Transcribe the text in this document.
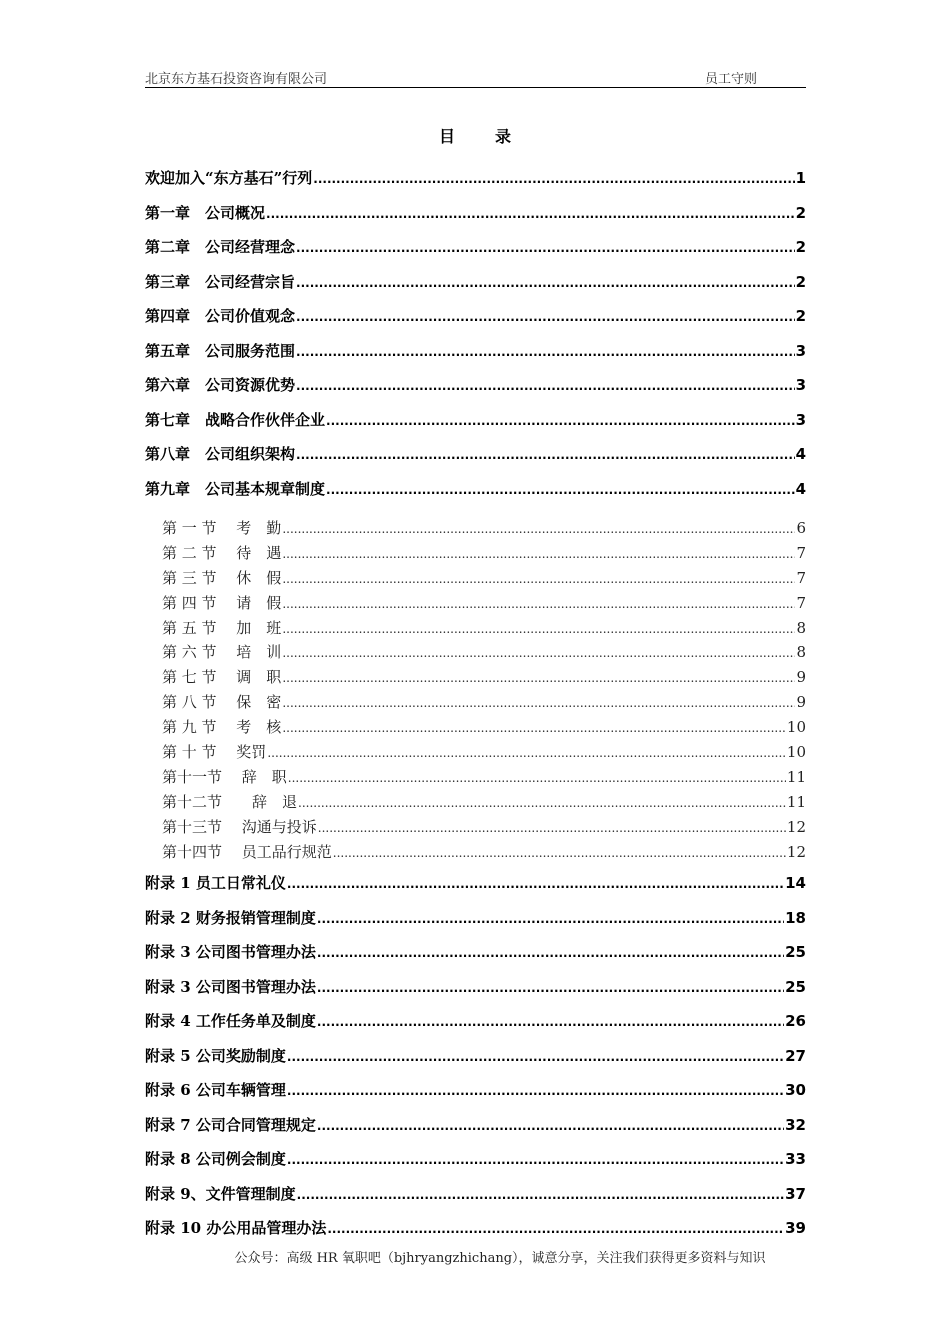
北京东方基石投资咨询有限公司	员工守则
目录
欢迎加入“东方基石”行列 .....	1
第一章　公司概况 .....	2
第二章　公司经营理念 .....	2
第三章　公司经营宗旨 .....	2
第四章　公司价值观念 .....	2
第五章　公司服务范围 .....	3
第六章　公司资源优势 .....	3
第七章　战略合作伙伴企业 .....	3
第八章　公司组织架构 .....	4
第九章　公司基本规章制度 .....	4
第 一 节　 考　勤 .....	6
第 二 节　 待　遇 .....	7
第 三 节　 休　假 .....	7
第 四 节　 请　假 .....	7
第 五 节　 加　班 .....	8
第 六 节　 培　训 .....	8
第 七 节　 调　职 .....	9
第 八 节　 保　密 .....	9
第 九 节　 考　核 .....	10
第 十 节　 奖罚 .....	10
第十一节　 辞　职 .....	11
第十二节　　辞　退 .....	11
第十三节　 沟通与投诉 .....	12
第十四节　 员工品行规范 .....	12
附录 1 员工日常礼仪 .....	14
附录 2 财务报销管理制度 .....	18
附录 3 公司图书管理办法 .....	25
附录 3 公司图书管理办法 .....	25
附录 4 工作任务单及制度 .....	26
附录 5 公司奖励制度 .....	27
附录 6 公司车辆管理 .....	30
附录 7 公司合同管理规定 .....	32
附录 8 公司例会制度 .....	33
附录 9、文件管理制度 .....	37
附录 10 办公用品管理办法 .....	39
公众号：高级 HR 氧职吧（bjhryangzhichang），诚意分享，关注我们获得更多资料与知识
